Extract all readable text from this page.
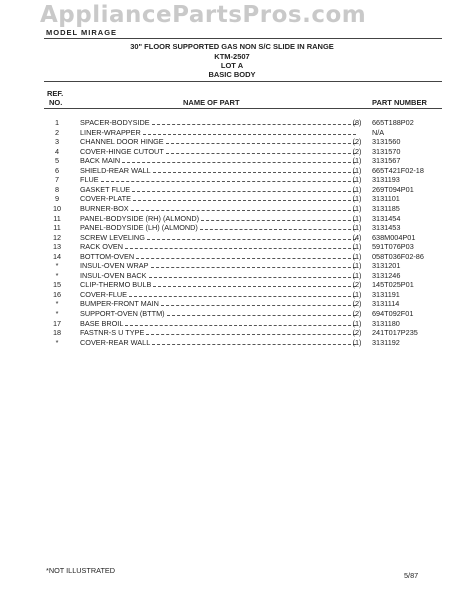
AppliancePartsPros.com
MODEL MIRAGE
30" FLOOR SUPPORTED GAS NON S/C SLIDE IN RANGE
KTM-2507
LOT A
BASIC BODY
REF.
NO.	NAME OF PART	PART NUMBER
1	SPACER-BODYSIDE	(8)	665T188P02
2	LINER-WRAPPER	N/A
3	CHANNEL DOOR HINGE	(2)	3131560
4	COVER-HINGE CUTOUT	(2)	3131570
5	BACK MAIN	(1)	3131567
6	SHIELD-REAR WALL	(1)	665T421F02-18
7	FLUE	(1)	3131193
8	GASKET FLUE	(1)	269T094P01
9	COVER-PLATE	(1)	3131101
10	BURNER-BOX	(1)	3131185
11	PANEL-BODYSIDE (RH) (ALMOND)	(1)	3131454
11	PANEL-BODYSIDE (LH) (ALMOND)	(1)	3131453
12	SCREW LEVELING	(4)	638M004P01
13	RACK OVEN	(1)	591T076P03
14	BOTTOM-OVEN	(1)	058T036F02-86
*	INSUL-OVEN WRAP	(1)	3131201
*	INSUL-OVEN BACK	(1)	3131246
15	CLIP-THERMO BULB	(2)	145T025P01
16	COVER-FLUE	(1)	3131191
*	BUMPER-FRONT MAIN	(2)	3131114
*	SUPPORT-OVEN (BTTM)	(2)	694T092F01
17	BASE BROIL	(1)	3131180
18	FASTNR-S U TYPE	(2)	241T017P235
*	COVER-REAR WALL	(1)	3131192
*NOT ILLUSTRATED
5/87
